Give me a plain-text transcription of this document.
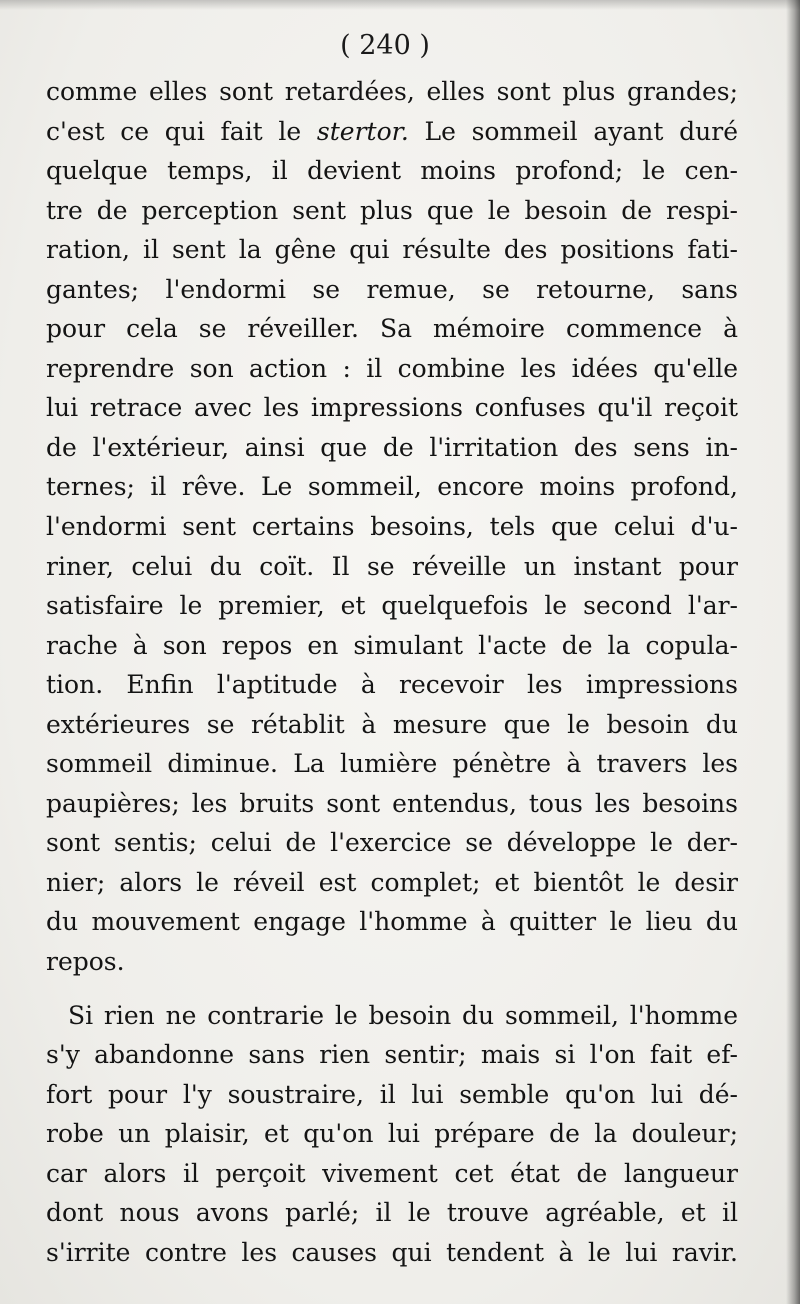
( 240 )
comme elles sont retardées, elles sont plus grandes;
c'est ce qui fait le stertor. Le sommeil ayant duré
quelque temps, il devient moins profond; le cen-
tre de perception sent plus que le besoin de respi-
ration, il sent la gêne qui résulte des positions fati-
gantes; l'endormi se remue, se retourne, sans
pour cela se réveiller. Sa mémoire commence à
reprendre son action : il combine les idées qu'elle
lui retrace avec les impressions confuses qu'il reçoit
de l'extérieur, ainsi que de l'irritation des sens in-
ternes; il rêve. Le sommeil, encore moins profond,
l'endormi sent certains besoins, tels que celui d'u-
riner, celui du coït. Il se réveille un instant pour
satisfaire le premier, et quelquefois le second l'ar-
rache à son repos en simulant l'acte de la copula-
tion. Enfin l'aptitude à recevoir les impressions
extérieures se rétablit à mesure que le besoin du
sommeil diminue. La lumière pénètre à travers les
paupières; les bruits sont entendus, tous les besoins
sont sentis; celui de l'exercice se développe le der-
nier; alors le réveil est complet; et bientôt le desir
du mouvement engage l'homme à quitter le lieu du
repos.
Si rien ne contrarie le besoin du sommeil, l'homme
s'y abandonne sans rien sentir; mais si l'on fait ef-
fort pour l'y soustraire, il lui semble qu'on lui dé-
robe un plaisir, et qu'on lui prépare de la douleur;
car alors il perçoit vivement cet état de langueur
dont nous avons parlé; il le trouve agréable, et il
s'irrite contre les causes qui tendent à le lui ravir.
